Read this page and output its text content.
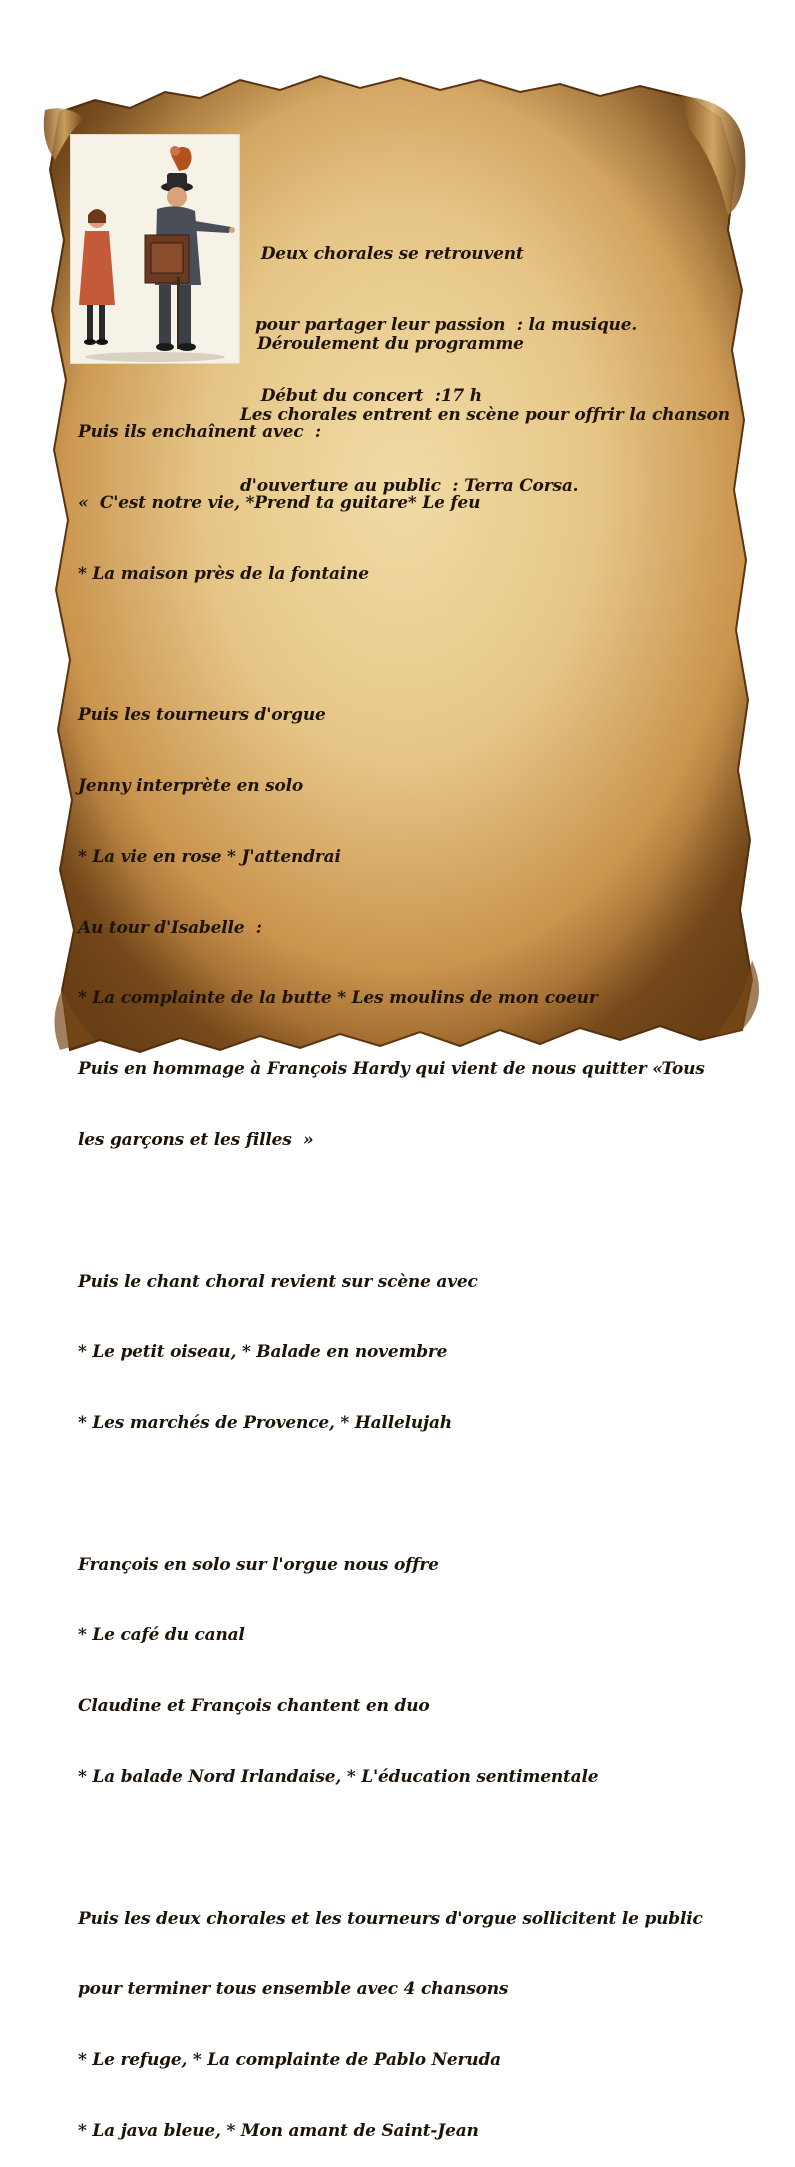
Deux chorales se retrouvent

pour partager leur passion  : la musique.

Début du concert  :17 h

Déroulement du programme

Les chorales entrent en scène pour offrir la chanson

d'ouverture au public  : Terra Corsa.

Puis ils enchaînent avec  :

«  C'est notre vie, *Prend ta guitare* Le feu

* La maison près de la fontaine

Puis les tourneurs d'orgue

Jenny interprète en solo

* La vie en rose * J'attendrai

Au tour d'Isabelle  :

* La complainte de la butte * Les moulins de mon coeur

Puis en hommage à François Hardy qui vient de nous quitter «Tous

les garçons et les filles  »

Puis le chant choral revient sur scène avec

* Le petit oiseau, * Balade en novembre

* Les marchés de Provence, * Hallelujah

François en solo sur l'orgue nous offre

* Le café du canal

Claudine et François chantent en duo

* La balade Nord Irlandaise, * L'éducation sentimentale

Puis les deux chorales et les tourneurs d'orgue sollicitent le public

pour terminer tous ensemble avec 4 chansons

* Le refuge, * La complainte de Pablo Neruda

* La java bleue, * Mon amant de Saint-Jean
